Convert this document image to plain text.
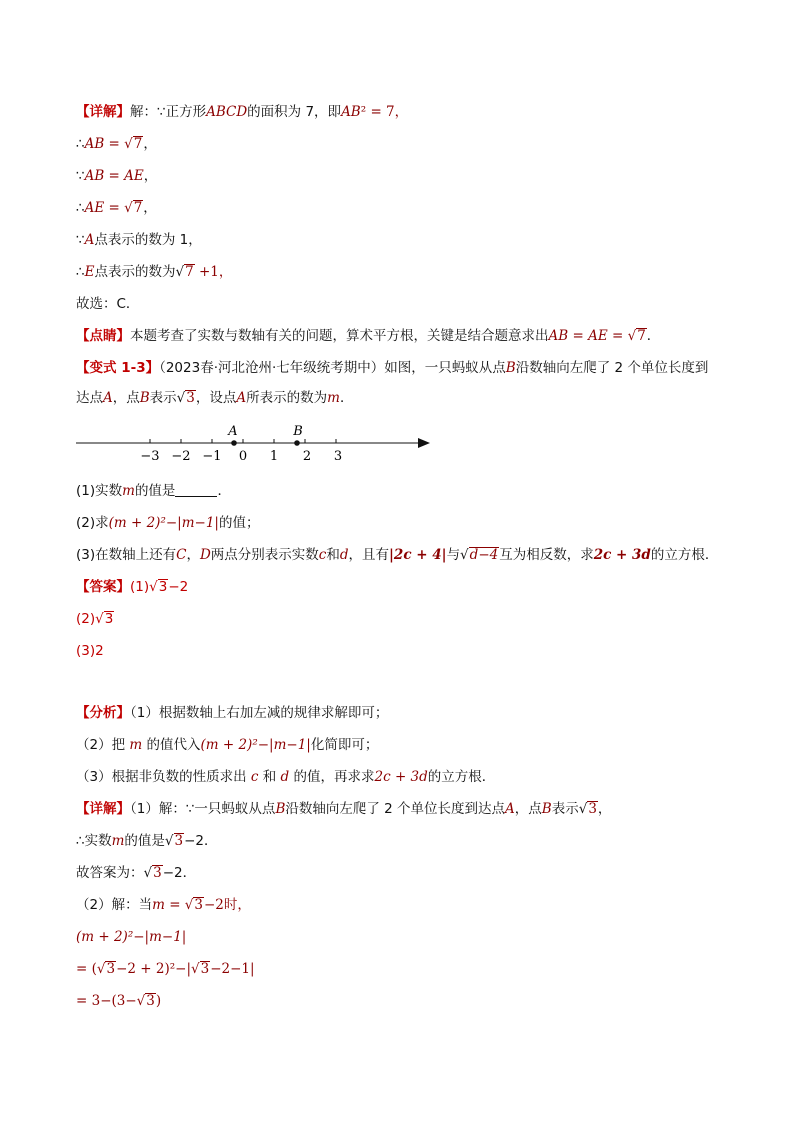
【详解】解：∵正方形ABCD的面积为 7，即AB² = 7，
∴AB = √7，
∵AB = AE，
∴AE = √7，
∵A点表示的数为 1，
∴E点表示的数为√7 +1，
故选：C．
【点睛】本题考查了实数与数轴有关的问题，算术平方根，关键是结合题意求出AB = AE = √7．
【变式 1-3】（2023春·河北沧州·七年级统考期中）如图，一只蚂蚁从点B沿数轴向左爬了 2 个单位长度到
达点A，点B表示√3，设点A所表示的数为m．
−3 −2 −1 0 1 2 3
A	B
(1)实数m的值是	．
(2)求(m + 2)²−|m−1|的值；
(3)在数轴上还有C，D两点分别表示实数c和d，且有|2c + 4|与√d−4互为相反数，求2c + 3d的立方根．
【答案】(1)√3−2
(2)√3
(3)2
【分析】（1）根据数轴上右加左减的规律求解即可；
（2）把 m 的值代入(m + 2)²−|m−1|化简即可；
（3）根据非负数的性质求出 c 和 d 的值，再求求2c + 3d的立方根．
【详解】（1）解：∵一只蚂蚁从点B沿数轴向左爬了 2 个单位长度到达点A，点B表示√3，
∴实数m的值是√3−2．
故答案为：√3−2．
（2）解：当m = √3−2时，
(m + 2)²−|m−1|
= (√3−2 + 2)²−|√3−2−1|
= 3−(3−√3)
